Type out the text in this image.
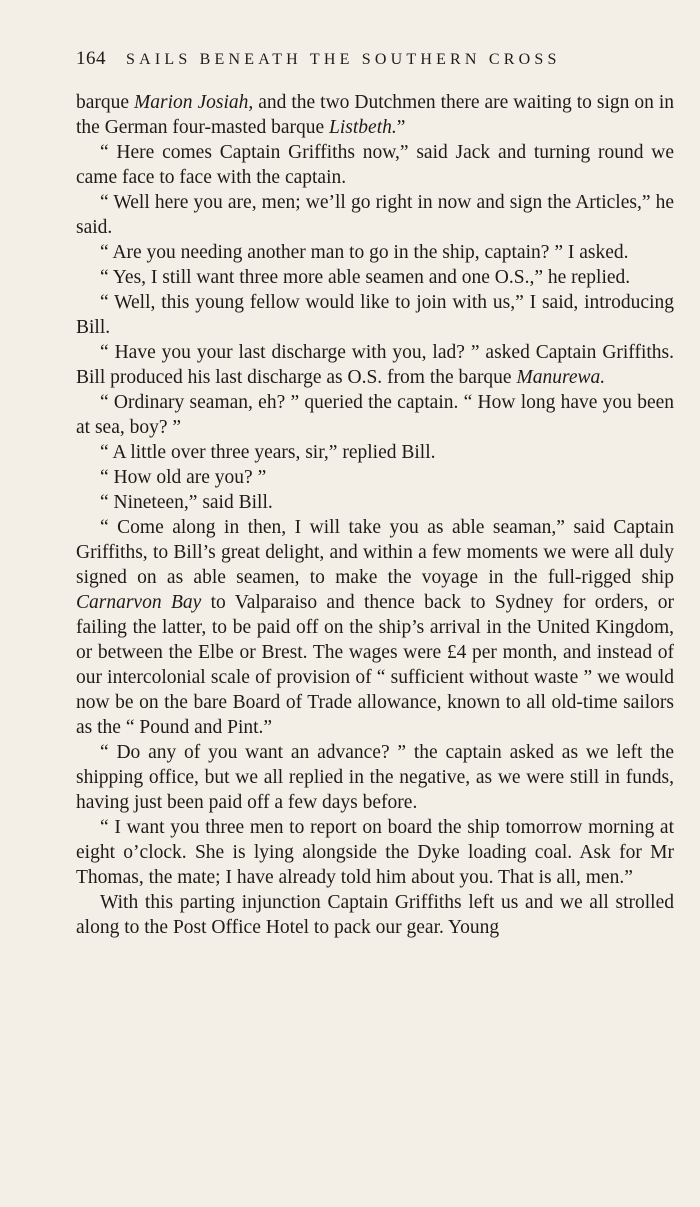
164 SAILS BENEATH THE SOUTHERN CROSS

barque Marion Josiah, and the two Dutchmen there are waiting to sign on in the German four-masted barque Listbeth.”

“ Here comes Captain Griffiths now,” said Jack and turning round we came face to face with the captain.

“ Well here you are, men; we’ll go right in now and sign the Articles,” he said.

“ Are you needing another man to go in the ship, captain? ” I asked.

“ Yes, I still want three more able seamen and one O.S.,” he replied.

“ Well, this young fellow would like to join with us,” I said, introducing Bill.

“ Have you your last discharge with you, lad? ” asked Captain Griffiths. Bill produced his last discharge as O.S. from the barque Manurewa.

“ Ordinary seaman, eh? ” queried the captain. “ How long have you been at sea, boy? ”

“ A little over three years, sir,” replied Bill.

“ How old are you? ”

“ Nineteen,” said Bill.

“ Come along in then, I will take you as able seaman,” said Captain Griffiths, to Bill’s great delight, and within a few moments we were all duly signed on as able seamen, to make the voyage in the full-rigged ship Carnarvon Bay to Valparaiso and thence back to Sydney for orders, or failing the latter, to be paid off on the ship’s arrival in the United Kingdom, or between the Elbe or Brest. The wages were £4 per month, and instead of our intercolonial scale of provision of “ sufficient without waste ” we would now be on the bare Board of Trade allowance, known to all old-time sailors as the “ Pound and Pint.”

“ Do any of you want an advance? ” the captain asked as we left the shipping office, but we all replied in the negative, as we were still in funds, having just been paid off a few days before.

“ I want you three men to report on board the ship tomorrow morning at eight o’clock. She is lying alongside the Dyke loading coal. Ask for Mr Thomas, the mate; I have already told him about you. That is all, men.”

With this parting injunction Captain Griffiths left us and we all strolled along to the Post Office Hotel to pack our gear. Young
